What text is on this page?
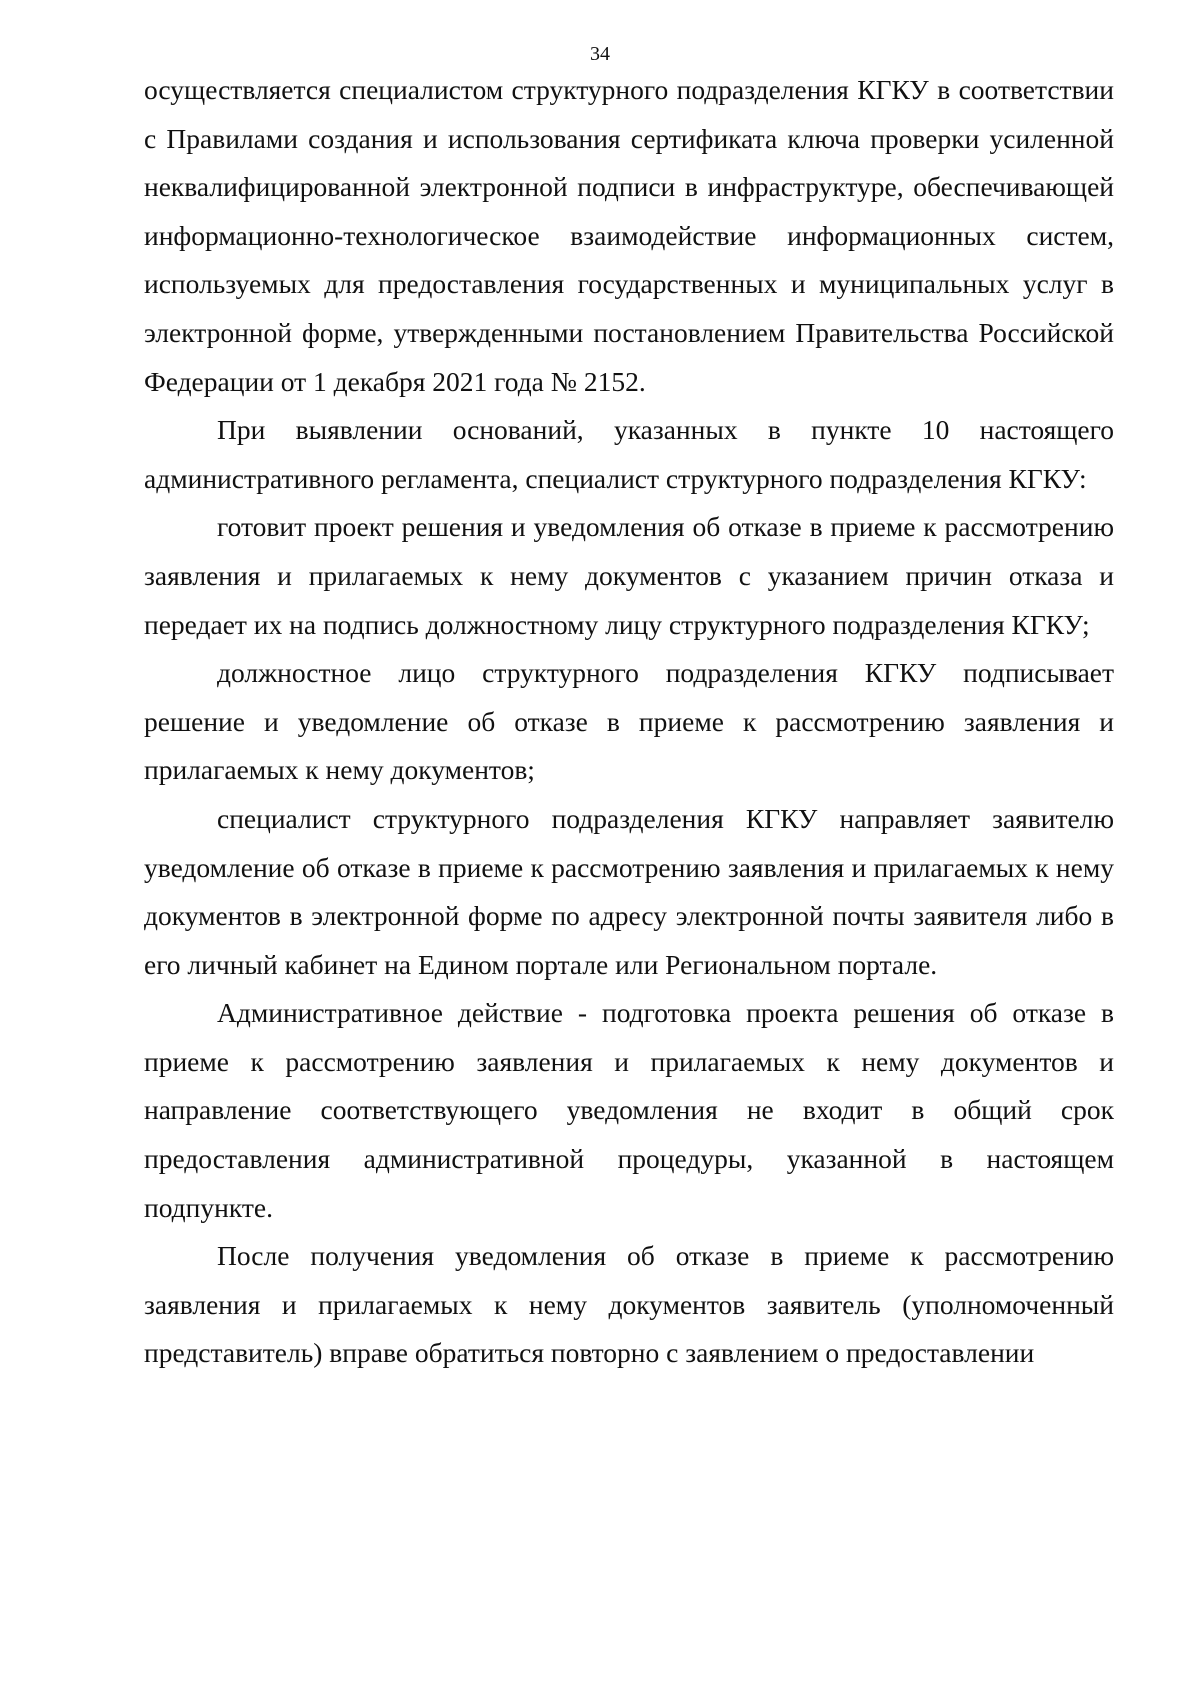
34

осуществляется специалистом структурного подразделения КГКУ в соответствии с Правилами создания и использования сертификата ключа проверки усиленной неквалифицированной электронной подписи в инфраструктуре, обеспечивающей информационно-технологическое взаимодействие информационных систем, используемых для предоставления государственных и муниципальных услуг в электронной форме, утвержденными постановлением Правительства Российской Федерации от 1 декабря 2021 года № 2152.

При выявлении оснований, указанных в пункте 10 настоящего административного регламента, специалист структурного подразделения КГКУ:

готовит проект решения и уведомления об отказе в приеме к рассмотрению заявления и прилагаемых к нему документов с указанием причин отказа и передает их на подпись должностному лицу структурного подразделения КГКУ;

должностное лицо структурного подразделения КГКУ подписывает решение и уведомление об отказе в приеме к рассмотрению заявления и прилагаемых к нему документов;

специалист структурного подразделения КГКУ направляет заявителю уведомление об отказе в приеме к рассмотрению заявления и прилагаемых к нему документов в электронной форме по адресу электронной почты заявителя либо в его личный кабинет на Едином портале или Региональном портале.

Административное действие - подготовка проекта решения об отказе в приеме к рассмотрению заявления и прилагаемых к нему документов и направление соответствующего уведомления не входит в общий срок предоставления административной процедуры, указанной в настоящем подпункте.

После получения уведомления об отказе в приеме к рассмотрению заявления и прилагаемых к нему документов заявитель (уполномоченный представитель) вправе обратиться повторно с заявлением о предоставлении
